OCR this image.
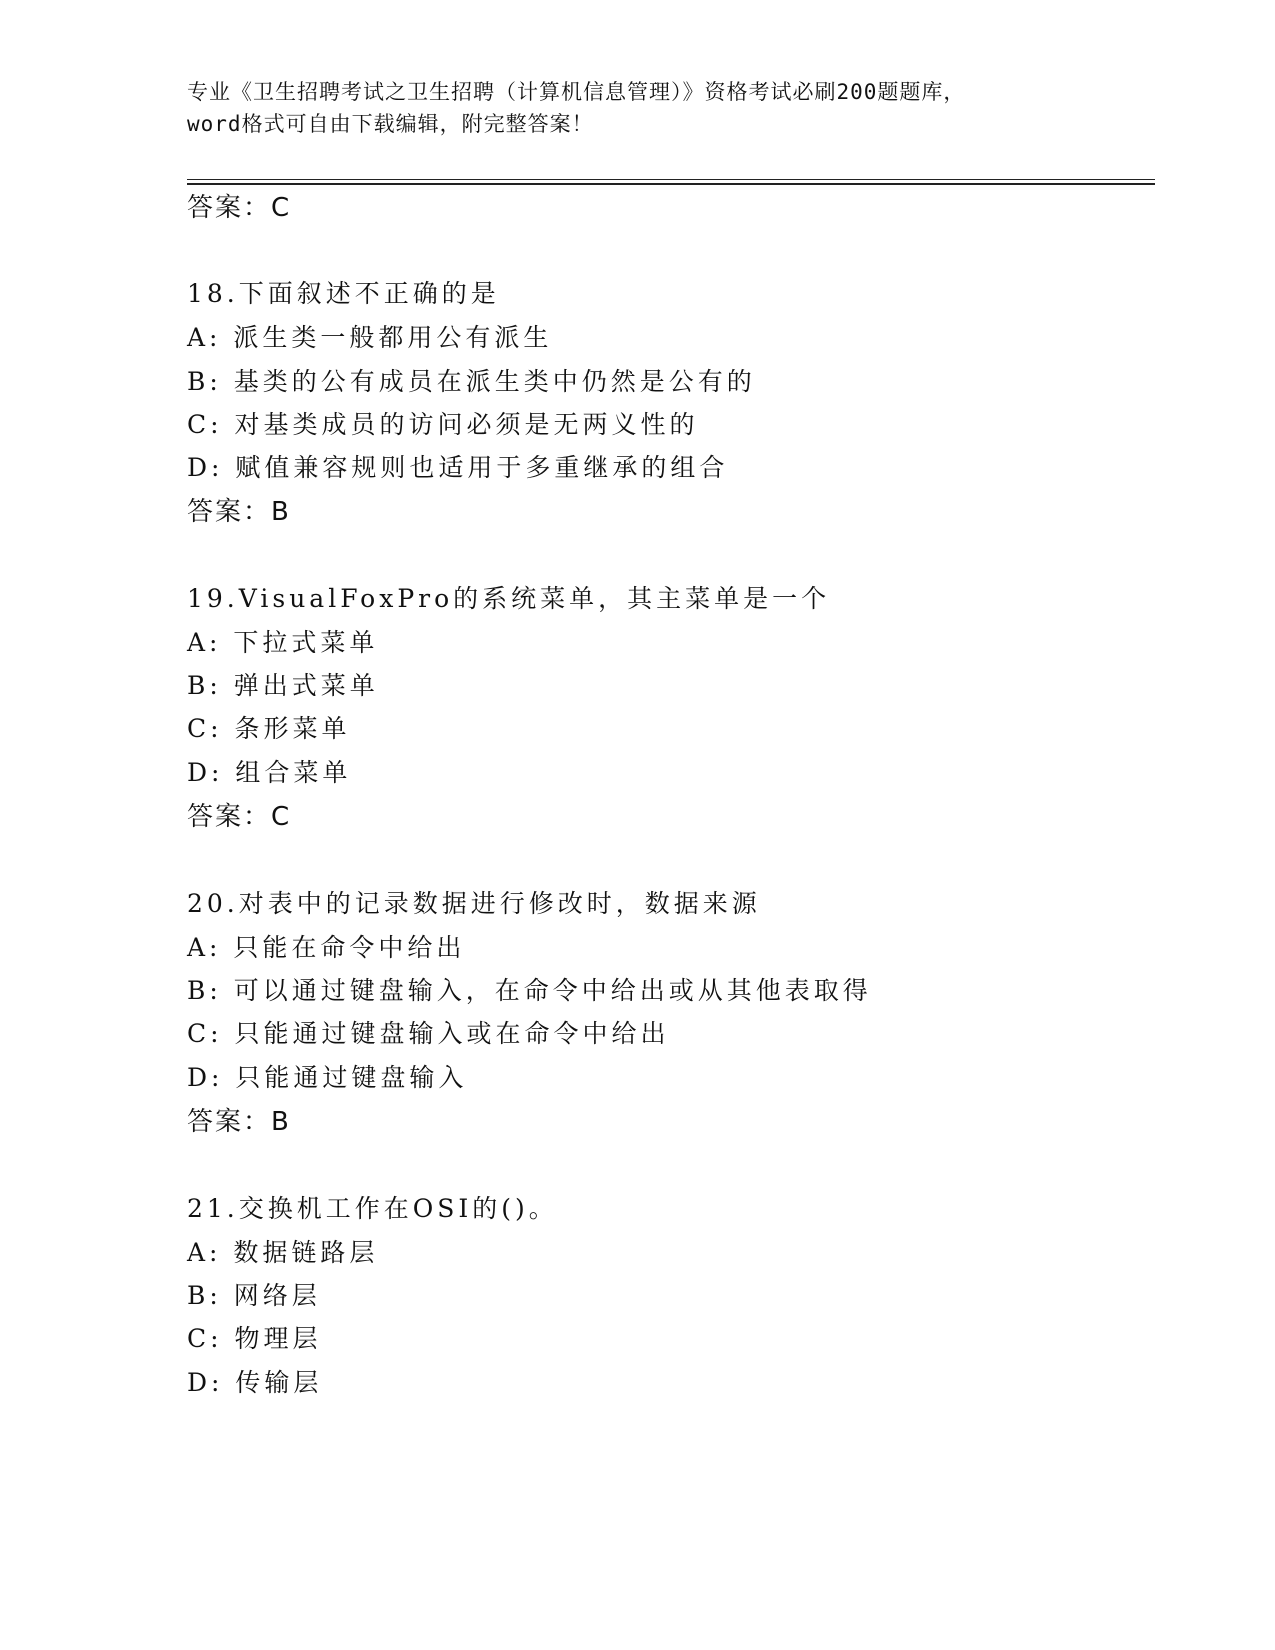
专业《卫生招聘考试之卫生招聘（计算机信息管理）》资格考试必刷200题题库，
word格式可自由下载编辑，附完整答案！
答案：C
18.下面叙述不正确的是
A: 派生类一般都用公有派生
B: 基类的公有成员在派生类中仍然是公有的
C: 对基类成员的访问必须是无两义性的
D: 赋值兼容规则也适用于多重继承的组合
答案：B
19.VisualFoxPro的系统菜单，其主菜单是一个
A: 下拉式菜单
B: 弹出式菜单
C: 条形菜单
D: 组合菜单
答案：C
20.对表中的记录数据进行修改时，数据来源
A: 只能在命令中给出
B: 可以通过键盘输入，在命令中给出或从其他表取得
C: 只能通过键盘输入或在命令中给出
D: 只能通过键盘输入
答案：B
21.交换机工作在OSI的()。
A: 数据链路层
B: 网络层
C: 物理层
D: 传输层
